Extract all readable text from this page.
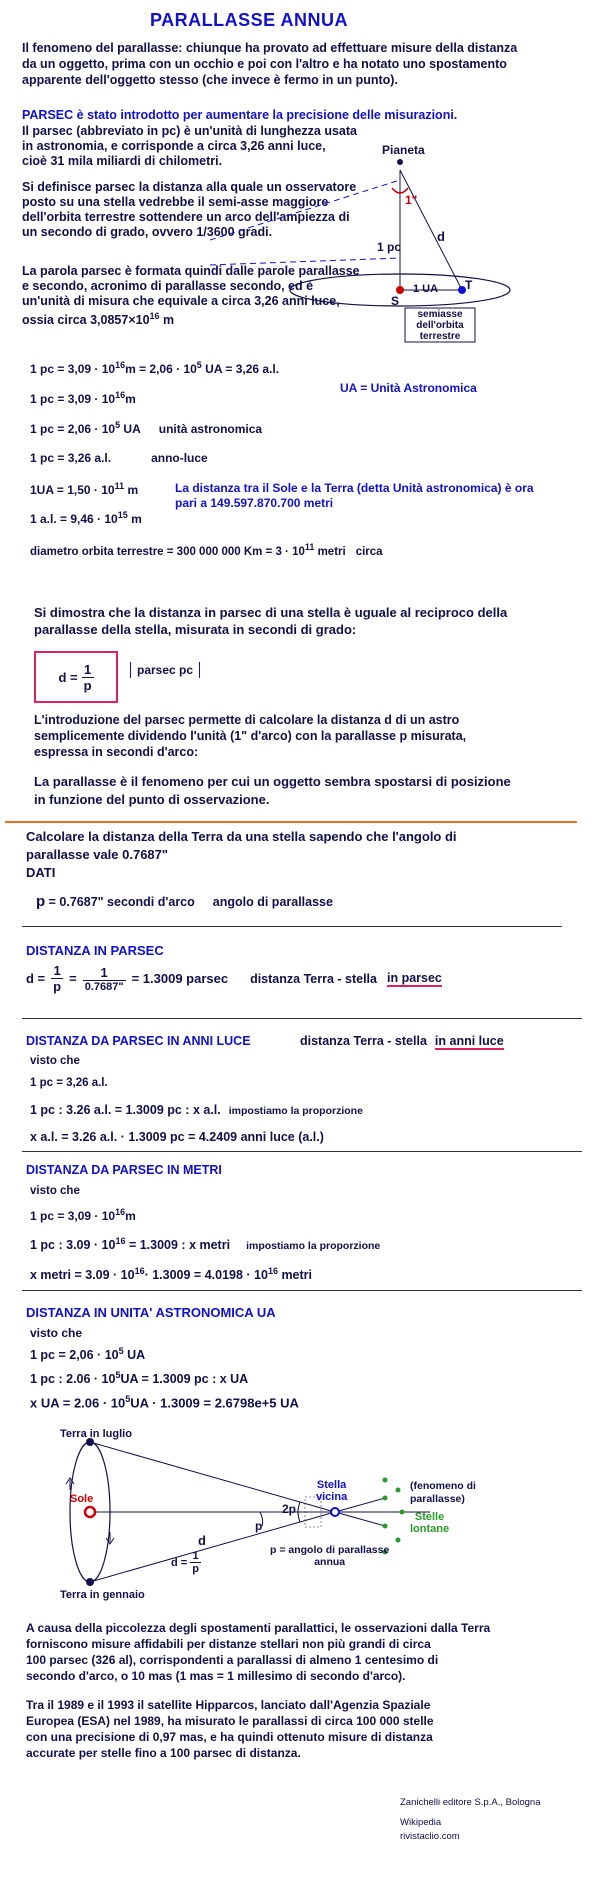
PARALLASSE ANNUA
Il fenomeno del parallasse: chiunque ha provato ad effettuare misure della distanza
da un oggetto, prima con un occhio e poi con l'altro e ha notato uno spostamento
apparente dell'oggetto stesso (che invece è fermo in un punto).
PARSEC è stato introdotto per aumentare la precisione delle misurazioni.
Il parsec (abbreviato in pc) è un'unità di lunghezza usata
in astronomia, e corrisponde a circa 3,26 anni luce,
cioè 31 mila miliardi di chilometri.
Si definisce parsec la distanza alla quale un osservatore
posto su una stella vedrebbe il semi-asse maggiore
dell'orbita terrestre sottendere un arco dell'ampiezza di
un secondo di grado, ovvero 1/3600 gradi.
La parola parsec è formata quindi dalle parole parallasse
e secondo, acronimo di parallasse secondo, ed è
un'unità di misura che equivale a circa 3,26 anni luce,
ossia circa $3,0857\times 10^{16}$ m
Pianeta
1"
d
1 pc
1 UA
S
T
semiasse
dell'orbita
terrestre
UA = Unità Astronomica
1 pc = $3,09 \cdot 10^{16}m = 2,06 \cdot 10^5$ UA = 3,26 a.l.
1 pc = $3,09 \cdot 10^{16}m$
1 pc = $2,06 \cdot 10^5$ UA unità astronomica
1 pc = 3,26 a.l.	anno-luce
$1UA = 1,50 \cdot 10^{11}$ m
1 a.l. = $9,46 \cdot 10^{15}$ m
diametro orbita terrestre = 300 000 000 $Km = 3 \cdot 10^{11}$ metri circa
La distanza tra il Sole e la Terra (detta Unità astronomica) è ora
pari a 149.597.870.700 metri
Si dimostra che la distanza in parsec di una stella è uguale al reciproco della
parallasse della stella, misurata in secondi di grado:
$d = \frac{1}{p}$	parsec pc
L'introduzione del parsec permette di calcolare la distanza d di un astro
semplicemente dividendo l'unità (1" d'arco) con la parallasse p misurata,
espressa in secondi d'arco:
La parallasse è il fenomeno per cui un oggetto sembra spostarsi di posizione
in funzione del punto di osservazione.
Calcolare la distanza della Terra da una stella sapendo che l'angolo di
parallasse vale 0.7687"
DATI
p = 0.7687" secondi d'arco angolo di parallasse
DISTANZA IN PARSEC
$d = \frac{1}{p} = \frac{1}{0.7687"} = 1.3009$ parsec distanza Terra - stella in parsec
DISTANZA DA PARSEC IN ANNI LUCE	distanza Terra - stella in anni luce
visto che
1 pc = 3,26 a.l.
1 pc : 3.26 a.l. = 1.3009 pc : x a.l. impostiamo la proporzione
x a.l. = 3.26 a.l. · 1.3009 pc = 4.2409 anni luce (a.l.)
DISTANZA DA PARSEC IN METRI
visto che
1 pc = $3,09 \cdot 10^{16}m$
1 pc : $3.09 \cdot 10^{16} = 1.3009$ : x metri impostiamo la proporzione
x metri = $3.09 \cdot 10^{16}\cdot 1.3009 = 4.0198 \cdot 10^{16}$ metri
DISTANZA IN UNITA' ASTRONOMICA UA
visto che
1 pc = $2,06 \cdot 10^5$ UA
1 pc : $2.06 \cdot 10^5UA = 1.3009$ pc : x UA
x UA = $2.06 \cdot 10^5UA \cdot 1.3009 = 2.6798e+5$ UA
Terra in luglio
Terra in gennaio
Sole
Stella
vicina
(fenomeno di
parallasse)
Stelle
lontane
2p
p
d
$d = \frac{1}{p}$	p = angolo di parallasse
annua
A causa della piccolezza degli spostamenti parallattici, le osservazioni dalla Terra
forniscono misure affidabili per distanze stellari non più grandi di circa
100 parsec (326 al), corrispondenti a parallassi di almeno 1 centesimo di
secondo d'arco, o 10 mas (1 mas = 1 millesimo di secondo d'arco).
Tra il 1989 e il 1993 il satellite Hipparcos, lanciato dall'Agenzia Spaziale
Europea (ESA) nel 1989, ha misurato le parallassi di circa 100 000 stelle
con una precisione di 0,97 mas, e ha quindi ottenuto misure di distanza
accurate per stelle fino a 100 parsec di distanza.
Zanichelli editore S.p.A., Bologna
Wikipedia
rivistaclio.com
